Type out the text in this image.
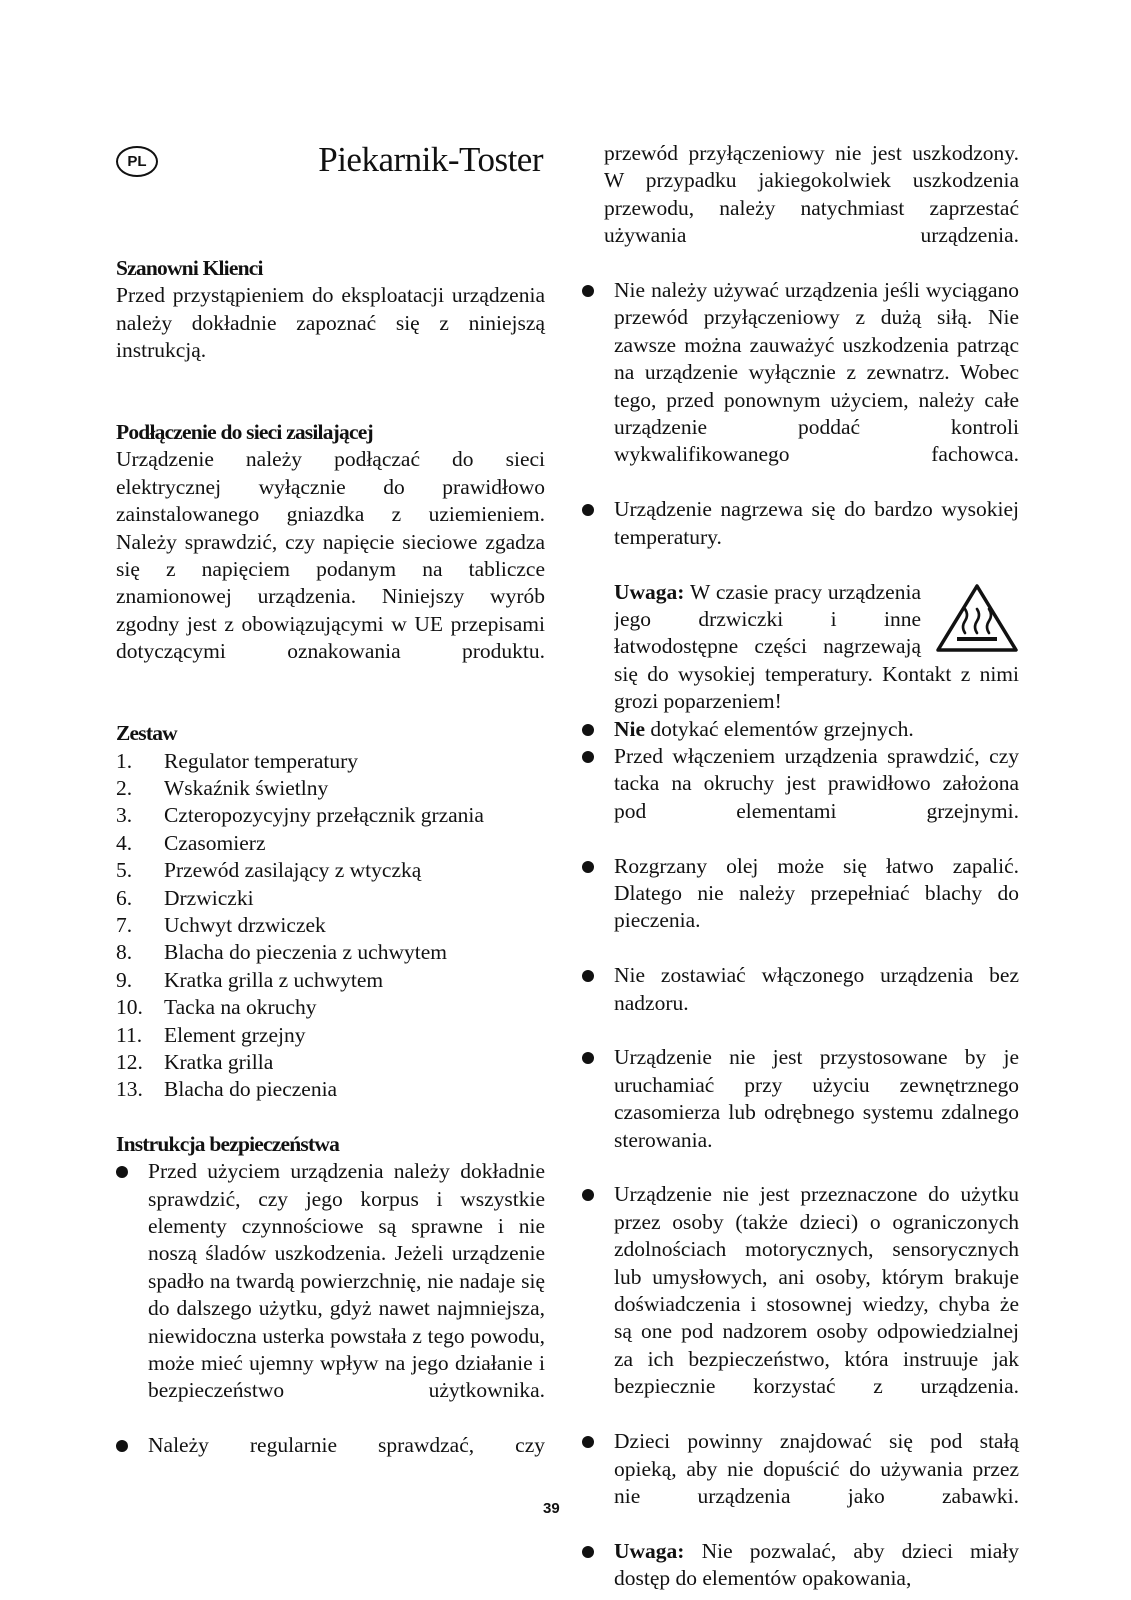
PL	Piekarnik-Toster

Szanowni Klienci

Przed przystąpieniem do eksploatacji urządzenia należy dokładnie zapoznać się z niniejszą instrukcją.

Podłączenie do sieci zasilającej

Urządzenie należy podłączać do sieci elektrycznej wyłącznie do prawidłowo zainstalowanego gniazdka z uziemieniem. Należy sprawdzić, czy napięcie sieciowe zgadza się z napięciem podanym na tabliczce znamionowej urządzenia. Niniejszy wyrób zgodny jest z obowiązującymi w UE przepisami dotyczącymi oznakowania produktu.

Zestaw

1.	Regulator temperatury
2.	Wskaźnik świetlny
3.	Czteropozycyjny przełącznik grzania
4.	Czasomierz
5.	Przewód zasilający z wtyczką
6.	Drzwiczki
7.	Uchwyt drzwiczek
8.	Blacha do pieczenia z uchwytem
9.	Kratka grilla z uchwytem
10. Tacka na okruchy
11.	Element grzejny
12. Kratka grilla
13. Blacha do pieczenia

Instrukcja bezpieczeństwa

Przed użyciem urządzenia należy dokładnie sprawdzić, czy jego korpus i wszystkie elementy czynnościowe są sprawne i nie noszą śladów uszkodzenia. Jeżeli urządzenie spadło na twardą powierzchnię, nie nadaje się do dalszego użytku, gdyż nawet najmniejsza, niewidoczna usterka powstała z tego powodu, może mieć ujemny wpływ na jego działanie i bezpieczeństwo użytkownika.
Należy regularnie sprawdzać, czy
przewód przyłączeniowy nie jest uszkodzony. W przypadku jakiegokolwiek uszkodzenia przewodu, należy natychmiast zaprzestać używania urządzenia.
Nie należy używać urządzenia jeśli wyciągano przewód przyłączeniowy z dużą siłą. Nie zawsze można zauważyć uszkodzenia patrząc na urządzenie wyłącznie z zewnatrz. Wobec tego, przed ponownym użyciem, należy całe urządzenie poddać kontroli wykwalifikowanego fachowca.
Urządzenie nagrzewa się do bardzo wysokiej temperatury.
Uwaga: W czasie pracy urządzenia jego drzwiczki i inne łatwodostępne części nagrzewają się do wysokiej temperatury. Kontakt z nimi grozi poparzeniem!
Nie dotykać elementów grzejnych.
Przed włączeniem urządzenia sprawdzić, czy tacka na okruchy jest prawidłowo założona pod elementami grzejnymi.
Rozgrzany olej może się łatwo zapalić. Dlatego nie należy przepełniać blachy do pieczenia.
Nie zostawiać włączonego urządzenia bez nadzoru.
Urządzenie nie jest przystosowane by je uruchamiać przy użyciu zewnętrznego czasomierza lub odrębnego systemu zdalnego sterowania.
Urządzenie nie jest przeznaczone do użytku przez osoby (także dzieci) o ograniczonych zdolnościach motorycznych, sensorycznych lub umysłowych, ani osoby, którym brakuje doświadczenia i stosownej wiedzy, chyba że są one pod nadzorem osoby odpowiedzialnej za ich bezpieczeństwo, która instruuje jak bezpiecznie korzystać z urządzenia.
Dzieci powinny znajdować się pod stałą opieką, aby nie dopuścić do używania przez nie urządzenia jako zabawki.
Uwaga: Nie pozwalać, aby dzieci miały dostęp do elementów opakowania,
39
